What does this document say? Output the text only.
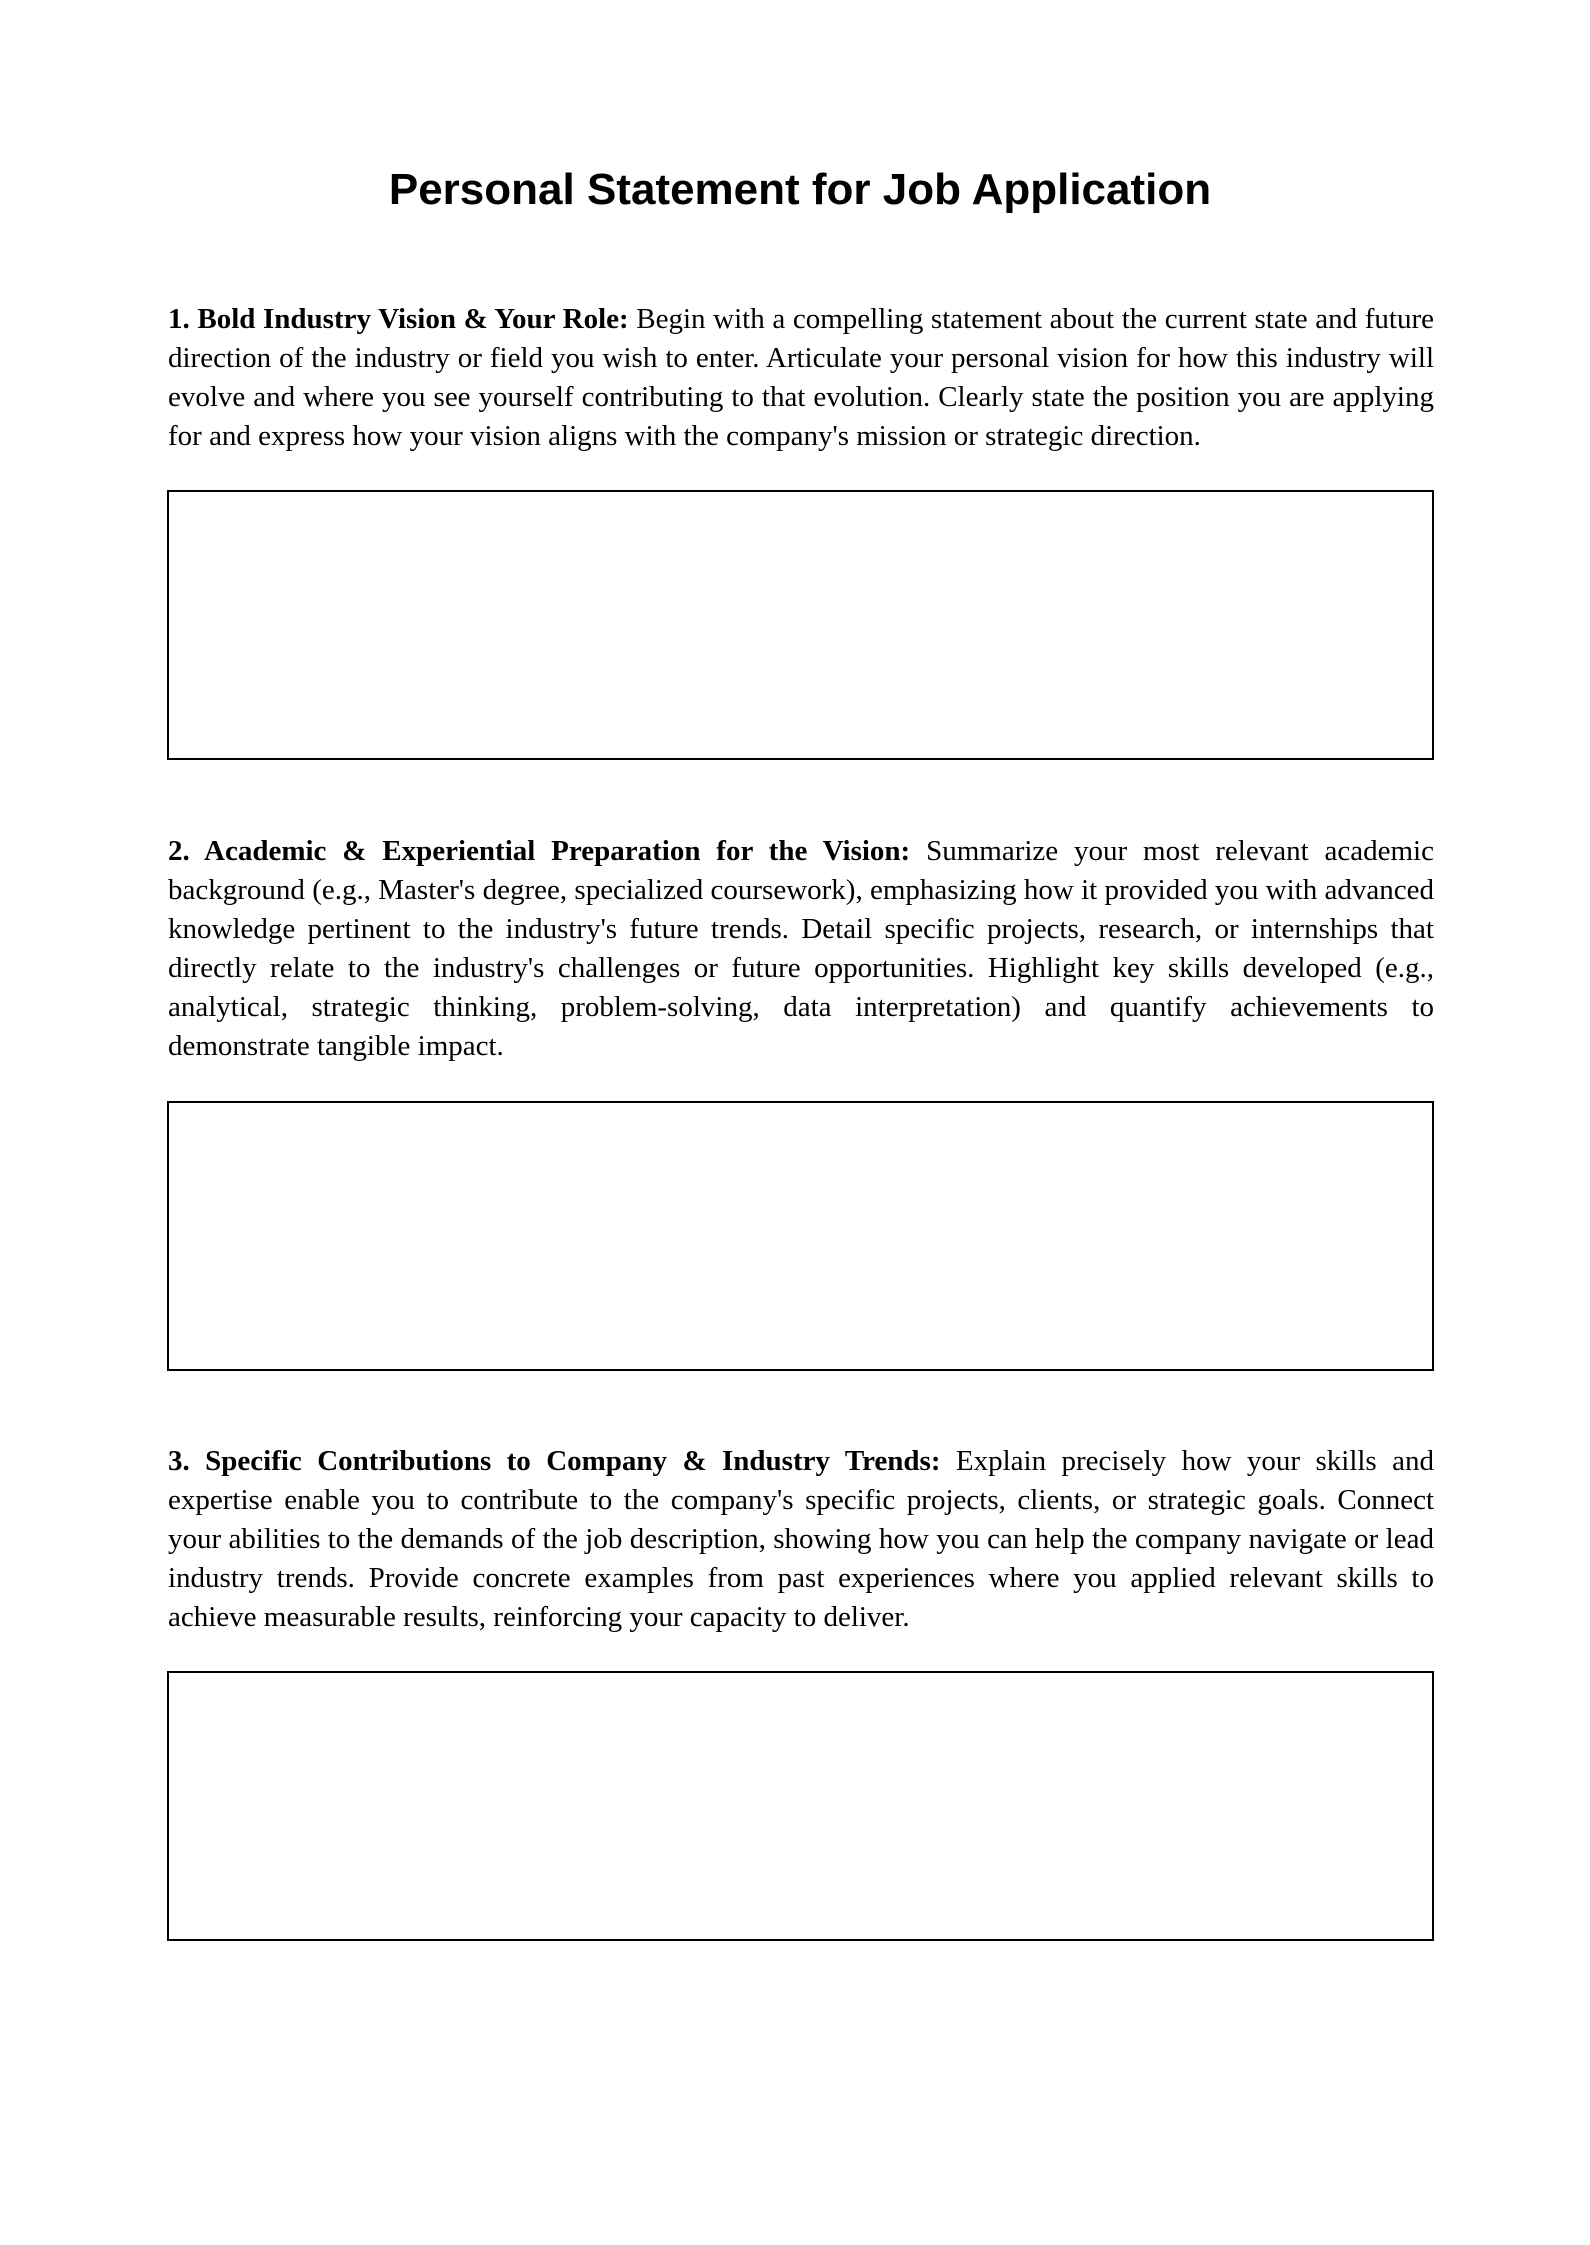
Personal Statement for Job Application

1. Bold Industry Vision & Your Role: Begin with a compelling statement about the current state and future direction of the industry or field you wish to enter. Articulate your personal vision for how this industry will evolve and where you see yourself contributing to that evolution. Clearly state the position you are applying for and express how your vision aligns with the company's mission or strategic direction.

2. Academic & Experiential Preparation for the Vision: Summarize your most relevant academic background (e.g., Master's degree, specialized coursework), emphasizing how it provided you with advanced knowledge pertinent to the industry's future trends. Detail specific projects, research, or internships that directly relate to the industry's challenges or future opportunities. Highlight key skills developed (e.g., analytical, strategic thinking, problem-solving, data interpretation) and quantify achievements to demonstrate tangible impact.

3. Specific Contributions to Company & Industry Trends: Explain precisely how your skills and expertise enable you to contribute to the company's specific projects, clients, or strategic goals. Connect your abilities to the demands of the job description, showing how you can help the company navigate or lead industry trends. Provide concrete examples from past experiences where you applied relevant skills to achieve measurable results, reinforcing your capacity to deliver.
